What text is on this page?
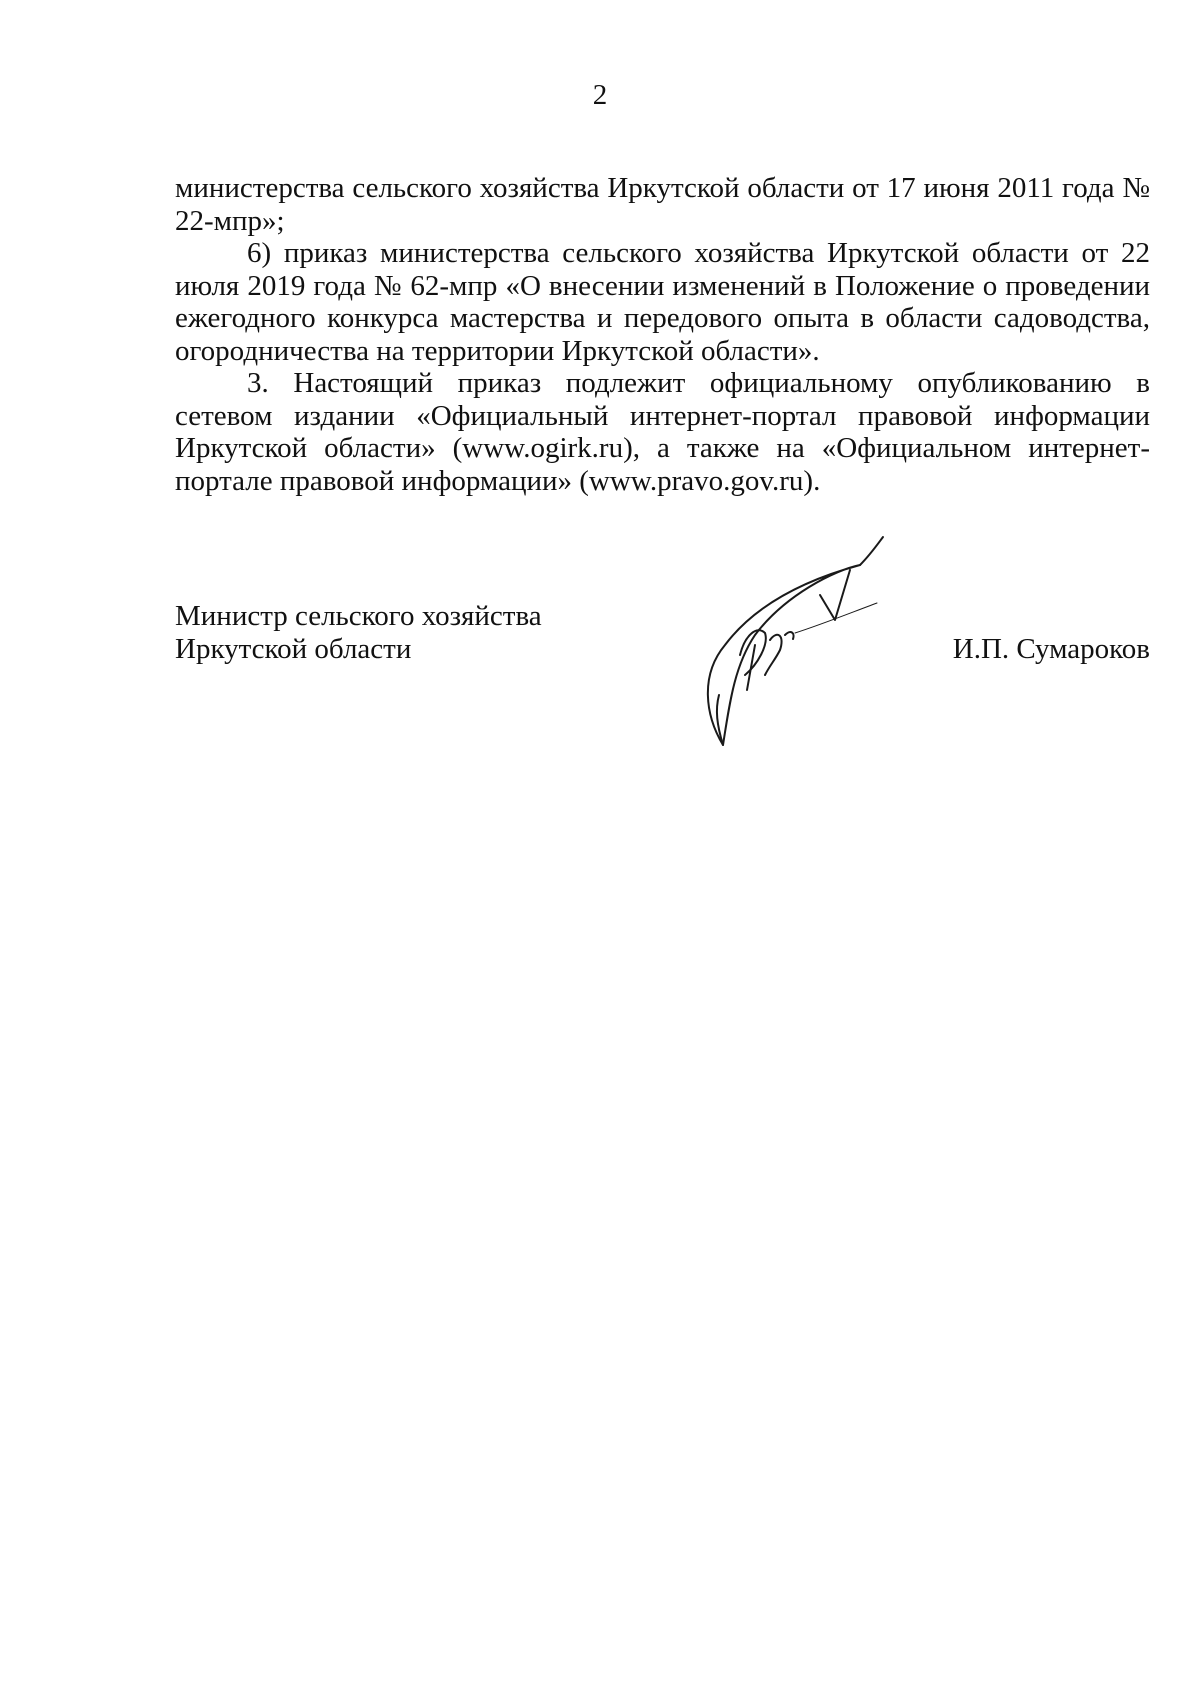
2

министерства сельского хозяйства Иркутской области от 17 июня 2011 года № 22-мпр»;

6) приказ министерства сельского хозяйства Иркутской области от 22 июля 2019 года № 62-мпр «О внесении изменений в Положение о проведении ежегодного конкурса мастерства и передового опыта в области садоводства, огородничества на территории Иркутской области».

3. Настоящий приказ подлежит официальному опубликованию в сетевом издании «Официальный интернет-портал правовой информации Иркутской области» (www.ogirk.ru), а также на «Официальном интернет-портале правовой информации» (www.pravo.gov.ru).

Министр сельского хозяйства
Иркутской области	И.П. Сумароков
